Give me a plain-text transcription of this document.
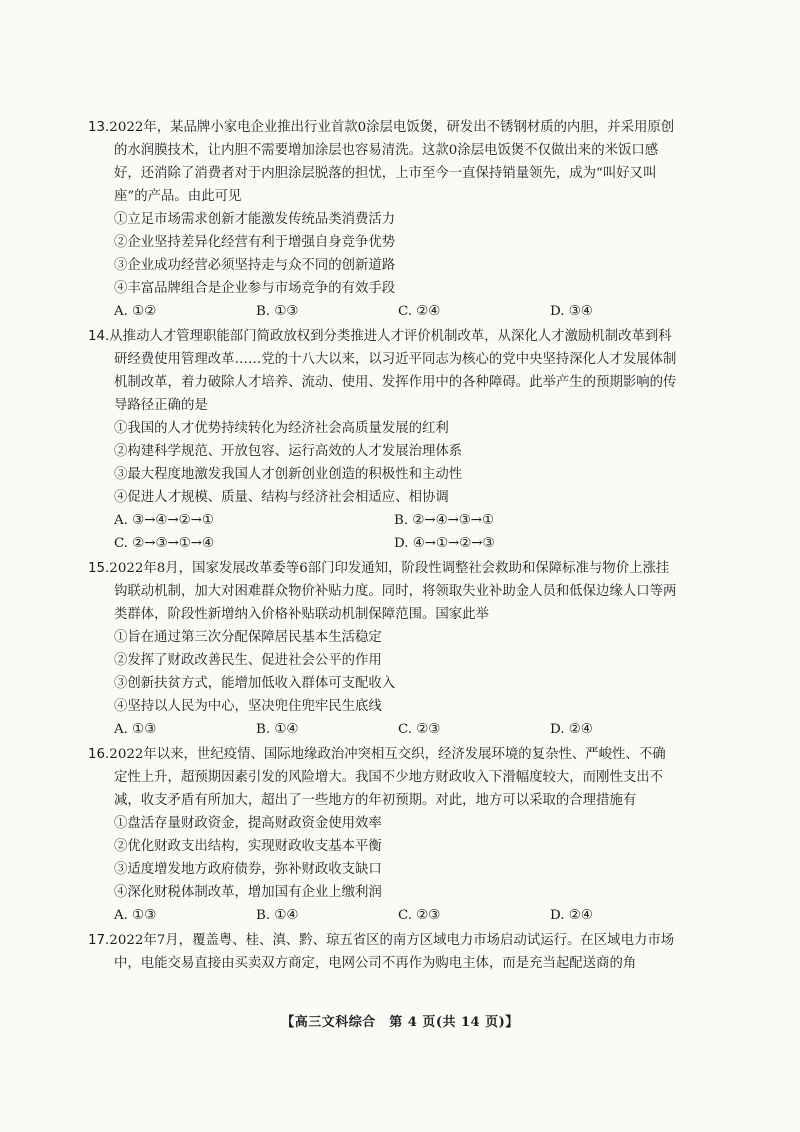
13.2022年，某品牌小家电企业推出行业首款0涂层电饭煲，研发出不锈钢材质的内胆，并采用原创的水润膜技术，让内胆不需要增加涂层也容易清洗。这款0涂层电饭煲不仅做出来的米饭口感好，还消除了消费者对于内胆涂层脱落的担忧，上市至今一直保持销量领先，成为“叫好又叫座”的产品。由此可见

①立足市场需求创新才能激发传统品类消费活力

②企业坚持差异化经营有利于增强自身竞争优势

③企业成功经营必须坚持走与众不同的创新道路

④丰富品牌组合是企业参与市场竞争的有效手段

A. ①②	B. ①③	C. ②④	D. ③④

14.从推动人才管理职能部门简政放权到分类推进人才评价机制改革，从深化人才激励机制改革到科研经费使用管理改革……党的十八大以来，以习近平同志为核心的党中央坚持深化人才发展体制机制改革，着力破除人才培养、流动、使用、发挥作用中的各种障碍。此举产生的预期影响的传导路径正确的是

①我国的人才优势持续转化为经济社会高质量发展的红利

②构建科学规范、开放包容、运行高效的人才发展治理体系

③最大程度地激发我国人才创新创业创造的积极性和主动性

④促进人才规模、质量、结构与经济社会相适应、相协调

A. ③→④→②→①	B. ②→④→③→①
C. ②→③→①→④	D. ④→①→②→③

15.2022年8月，国家发展改革委等6部门印发通知，阶段性调整社会救助和保障标准与物价上涨挂钩联动机制，加大对困难群众物价补贴力度。同时，将领取失业补助金人员和低保边缘人口等两类群体，阶段性新增纳入价格补贴联动机制保障范围。国家此举

①旨在通过第三次分配保障居民基本生活稳定

②发挥了财政改善民生、促进社会公平的作用

③创新扶贫方式，能增加低收入群体可支配收入

④坚持以人民为中心，坚决兜住兜牢民生底线

A. ①③	B. ①④	C. ②③	D. ②④

16.2022年以来，世纪疫情、国际地缘政治冲突相互交织，经济发展环境的复杂性、严峻性、不确定性上升，超预期因素引发的风险增大。我国不少地方财政收入下滑幅度较大，而刚性支出不减，收支矛盾有所加大，超出了一些地方的年初预期。对此，地方可以采取的合理措施有

①盘活存量财政资金，提高财政资金使用效率

②优化财政支出结构，实现财政收支基本平衡

③适度增发地方政府债券，弥补财政收支缺口

④深化财税体制改革，增加国有企业上缴利润

A. ①③	B. ①④	C. ②③	D. ②④

17.2022年7月，覆盖粤、桂、滇、黔、琼五省区的南方区域电力市场启动试运行。在区域电力市场中，电能交易直接由买卖双方商定，电网公司不再作为购电主体，而是充当起配送商的角

【高三文科综合　第 4 页(共 14 页)】
